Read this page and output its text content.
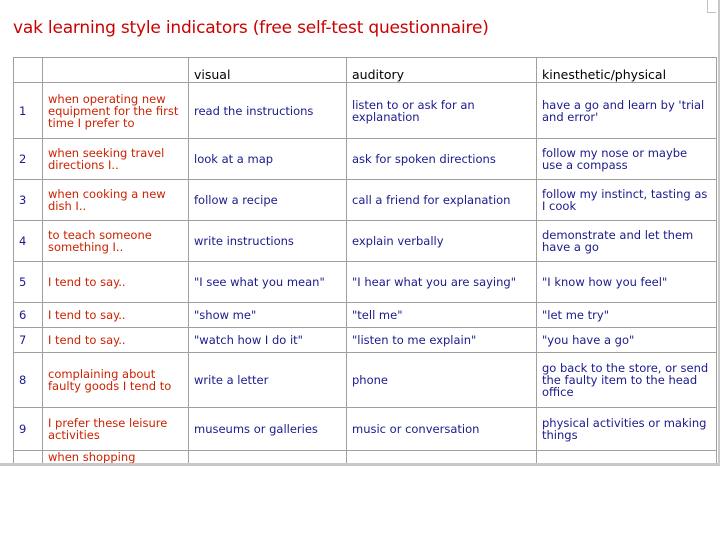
vak learning style indicators (free self-test questionnaire)
		visual	auditory	kinesthetic/physical
1	when operating new equipment for the first time I prefer to	read the instructions	listen to or ask for an explanation	have a go and learn by 'trial and error'
2	when seeking travel directions I..	look at a map	ask for spoken directions	follow my nose or maybe use a compass
3	when cooking a new dish I..	follow a recipe	call a friend for explanation	follow my instinct, tasting as I cook
4	to teach someone something I..	write instructions	explain verbally	demonstrate and let them have a go
5	I tend to say..	"I see what you mean"	"I hear what you are saying"	"I know how you feel"
6	I tend to say..	"show me"	"tell me"	"let me try"
7	I tend to say..	"watch how I do it"	"listen to me explain"	"you have a go"
8	complaining about faulty goods I tend to	write a letter	phone	go back to the store, or send the faulty item to the head office
9	I prefer these leisure activities	museums or galleries	music or conversation	physical activities or making things
	when shopping			
